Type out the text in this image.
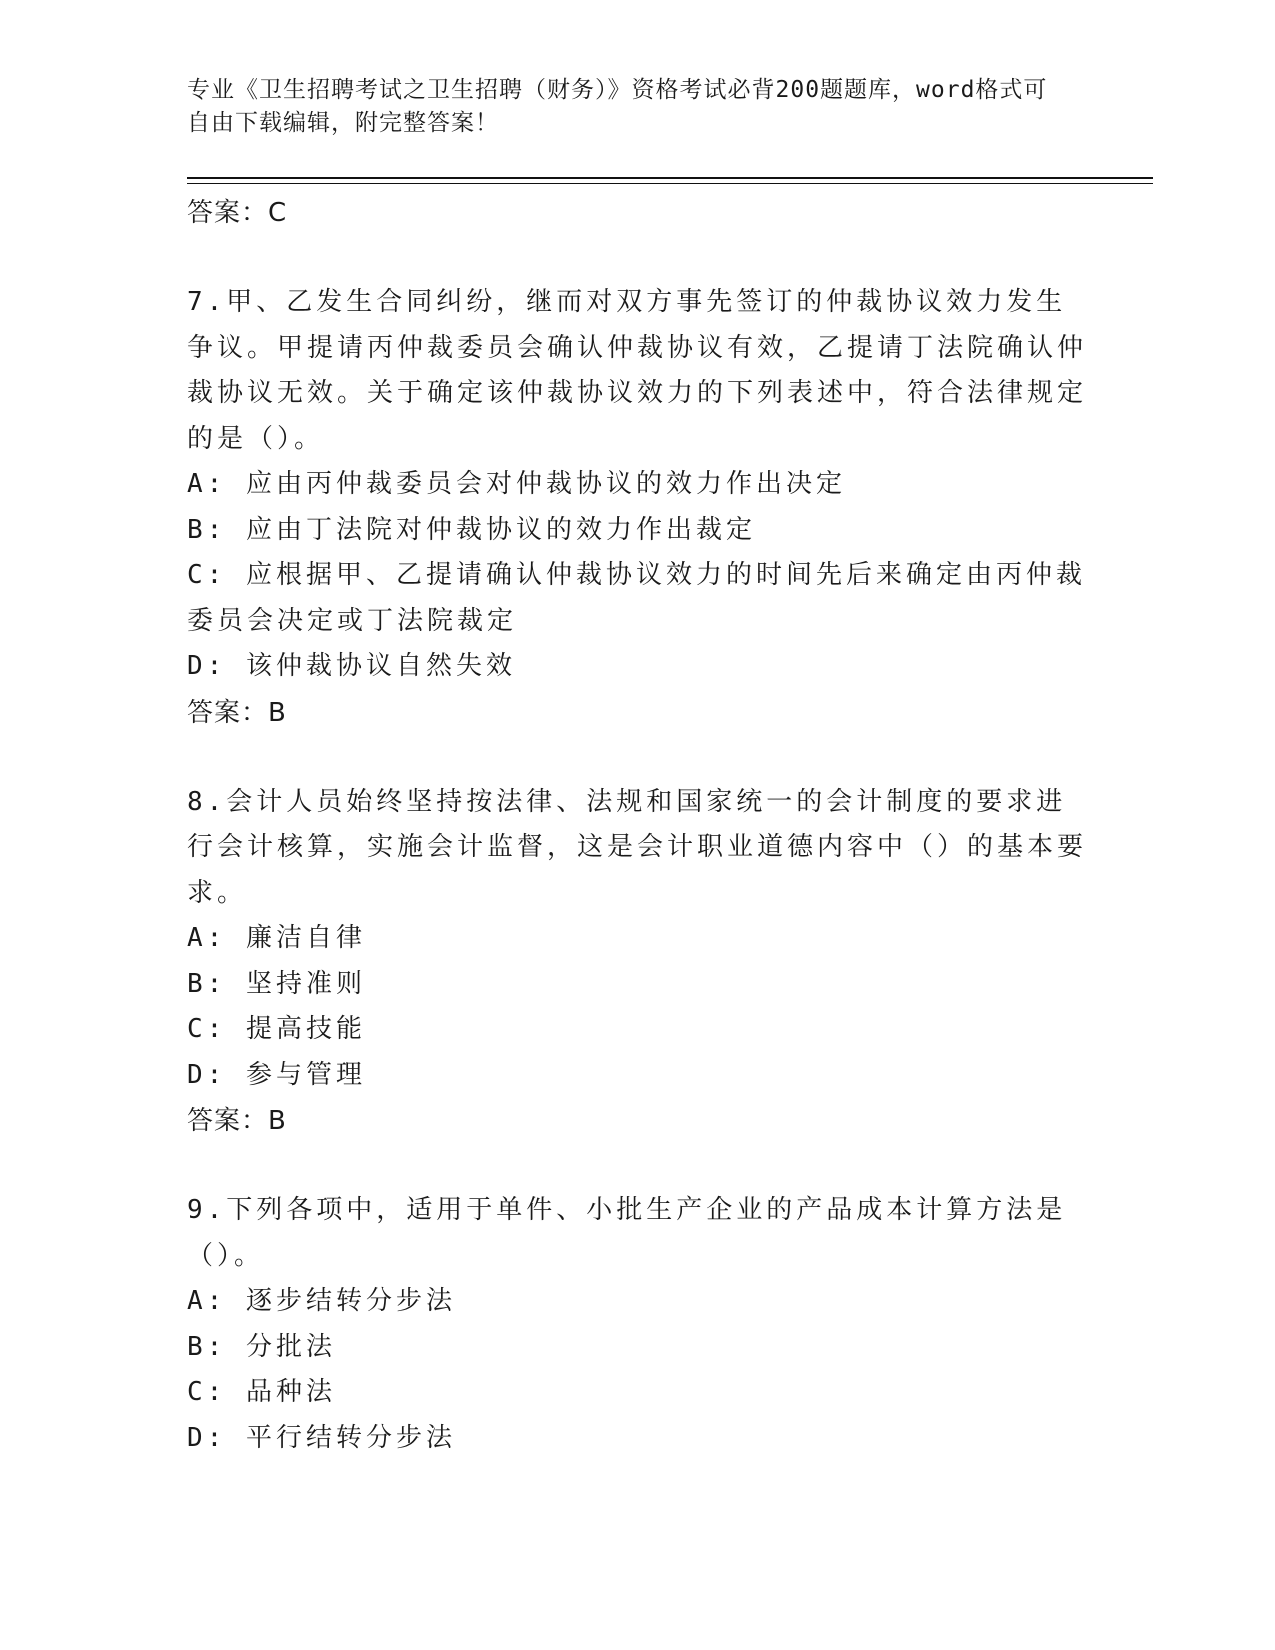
专业《卫生招聘考试之卫生招聘（财务）》资格考试必背200题题库，word格式可自由下载编辑，附完整答案！
答案：C
7.甲、乙发生合同纠纷，继而对双方事先签订的仲裁协议效力发生争议。甲提请丙仲裁委员会确认仲裁协议有效，乙提请丁法院确认仲裁协议无效。关于确定该仲裁协议效力的下列表述中，符合法律规定的是（）。
A: 应由丙仲裁委员会对仲裁协议的效力作出决定
B: 应由丁法院对仲裁协议的效力作出裁定
C: 应根据甲、乙提请确认仲裁协议效力的时间先后来确定由丙仲裁委员会决定或丁法院裁定
D: 该仲裁协议自然失效
答案：B
8.会计人员始终坚持按法律、法规和国家统一的会计制度的要求进行会计核算，实施会计监督，这是会计职业道德内容中（）的基本要求。
A: 廉洁自律
B: 坚持准则
C: 提高技能
D: 参与管理
答案：B
9.下列各项中，适用于单件、小批生产企业的产品成本计算方法是（）。
A: 逐步结转分步法
B: 分批法
C: 品种法
D: 平行结转分步法
